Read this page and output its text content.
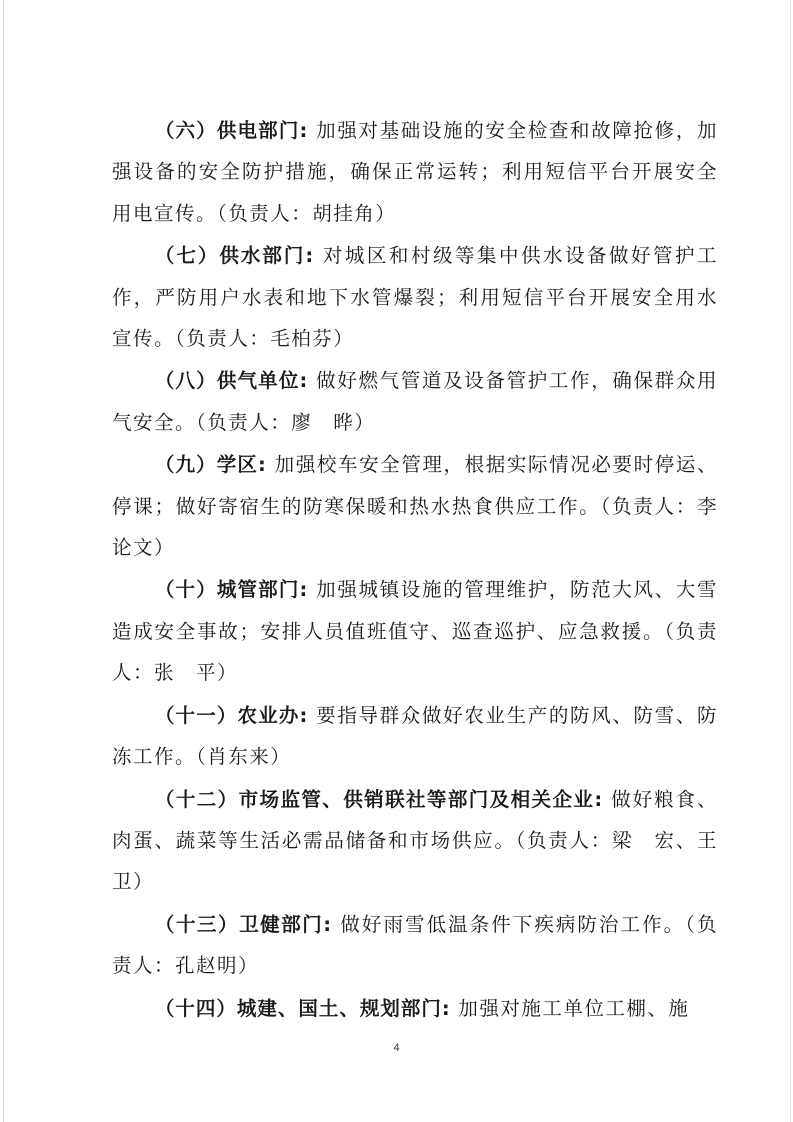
（六）供电部门: 加强对基础设施的安全检查和故障抢修，加强设备的安全防护措施，确保正常运转；利用短信平台开展安全用电宣传。（负责人：胡挂角）

（七）供水部门: 对城区和村级等集中供水设备做好管护工作，严防用户水表和地下水管爆裂；利用短信平台开展安全用水宣传。（负责人：毛柏芬）

（八）供气单位: 做好燃气管道及设备管护工作，确保群众用气安全。（负责人：廖　晔）

（九）学区: 加强校车安全管理，根据实际情况必要时停运、停课；做好寄宿生的防寒保暖和热水热食供应工作。（负责人：李论文）

（十）城管部门: 加强城镇设施的管理维护，防范大风、大雪造成安全事故；安排人员值班值守、巡查巡护、应急救援。（负责人：张　平）

（十一）农业办: 要指导群众做好农业生产的防风、防雪、防冻工作。（肖东来）

（十二）市场监管、供销联社等部门及相关企业: 做好粮食、肉蛋、蔬菜等生活必需品储备和市场供应。（负责人：梁　宏、王　卫）

（十三）卫健部门: 做好雨雪低温条件下疾病防治工作。（负责人：孔赵明）

（十四）城建、国土、规划部门: 加强对施工单位工棚、施

4
